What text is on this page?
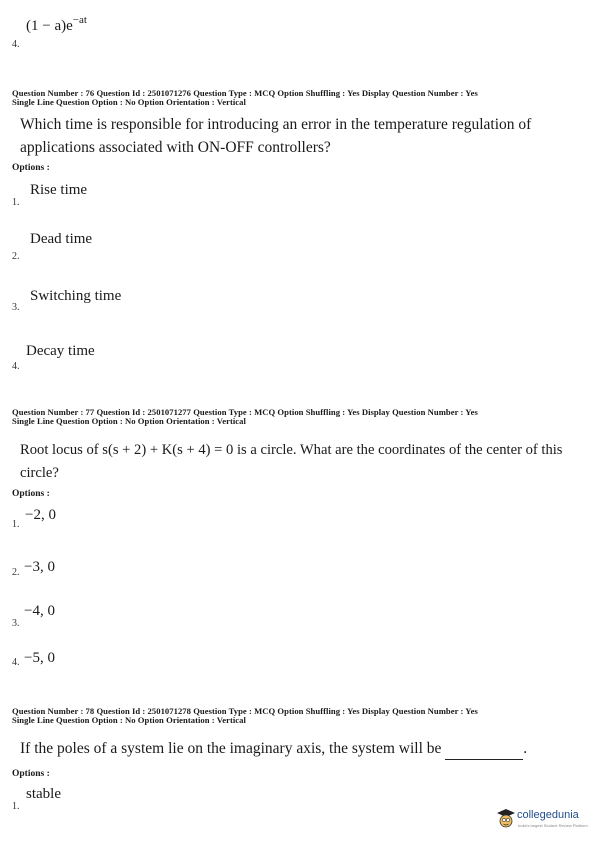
$(1 - a)e^{-at}$
4.
Question Number : 76 Question Id : 2501071276 Question Type : MCQ Option Shuffling : Yes Display Question Number : Yes
Single Line Question Option : No Option Orientation : Vertical
Which time is responsible for introducing an error in the temperature regulation of applications associated with ON-OFF controllers?
Options :
Rise time
1.
Dead time
2.
Switching time
3.
Decay time
4.
Question Number : 77 Question Id : 2501071277 Question Type : MCQ Option Shuffling : Yes Display Question Number : Yes
Single Line Question Option : No Option Orientation : Vertical
Root locus of s(s + 2) + K(s + 4) = 0 is a circle. What are the coordinates of the center of this circle?
Options :
−2, 0
1.
−3, 0
2.
−4, 0
3.
−5, 0
4.
Question Number : 78 Question Id : 2501071278 Question Type : MCQ Option Shuffling : Yes Display Question Number : Yes
Single Line Question Option : No Option Orientation : Vertical
If the poles of a system lie on the imaginary axis, the system will be	.
Options :
stable
1.
collegedunia
India's largest Student Review Platform
